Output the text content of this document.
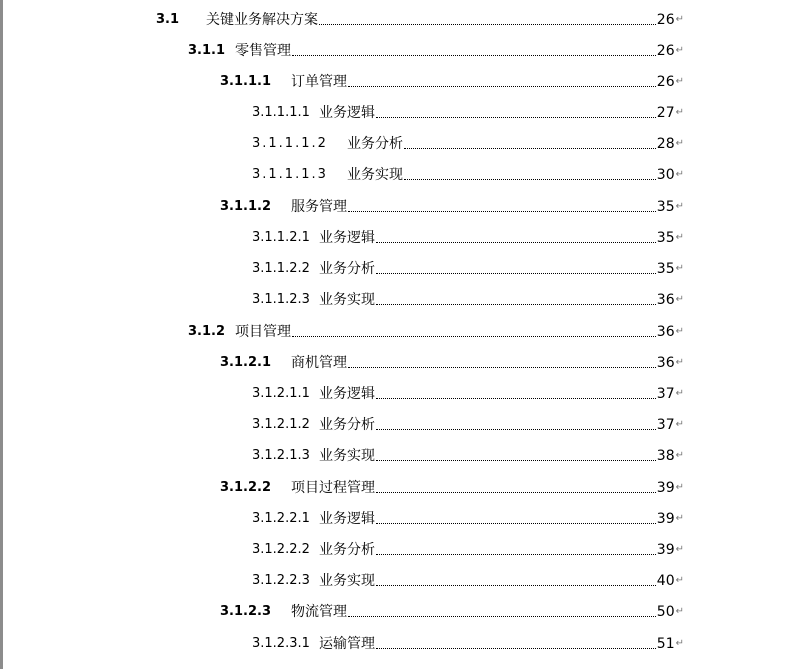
3.1	关键业务解决方案	26 ↵
3.1.1 零售管理	26 ↵
3.1.1.1	订单管理	26 ↵
3.1.1.1.1 业务逻辑	27 ↵
3.1.1.1.2	业务分析	28 ↵
3.1.1.1.3	业务实现	30 ↵
3.1.1.2	服务管理	35 ↵
3.1.1.2.1 业务逻辑	35 ↵
3.1.1.2.2 业务分析	35 ↵
3.1.1.2.3 业务实现	36 ↵
3.1.2 项目管理	36 ↵
3.1.2.1	商机管理	36 ↵
3.1.2.1.1 业务逻辑	37 ↵
3.1.2.1.2 业务分析	37 ↵
3.1.2.1.3 业务实现	38 ↵
3.1.2.2	项目过程管理	39 ↵
3.1.2.2.1 业务逻辑	39 ↵
3.1.2.2.2 业务分析	39 ↵
3.1.2.2.3 业务实现	40 ↵
3.1.2.3	物流管理	50 ↵
3.1.2.3.1 运输管理	51 ↵
